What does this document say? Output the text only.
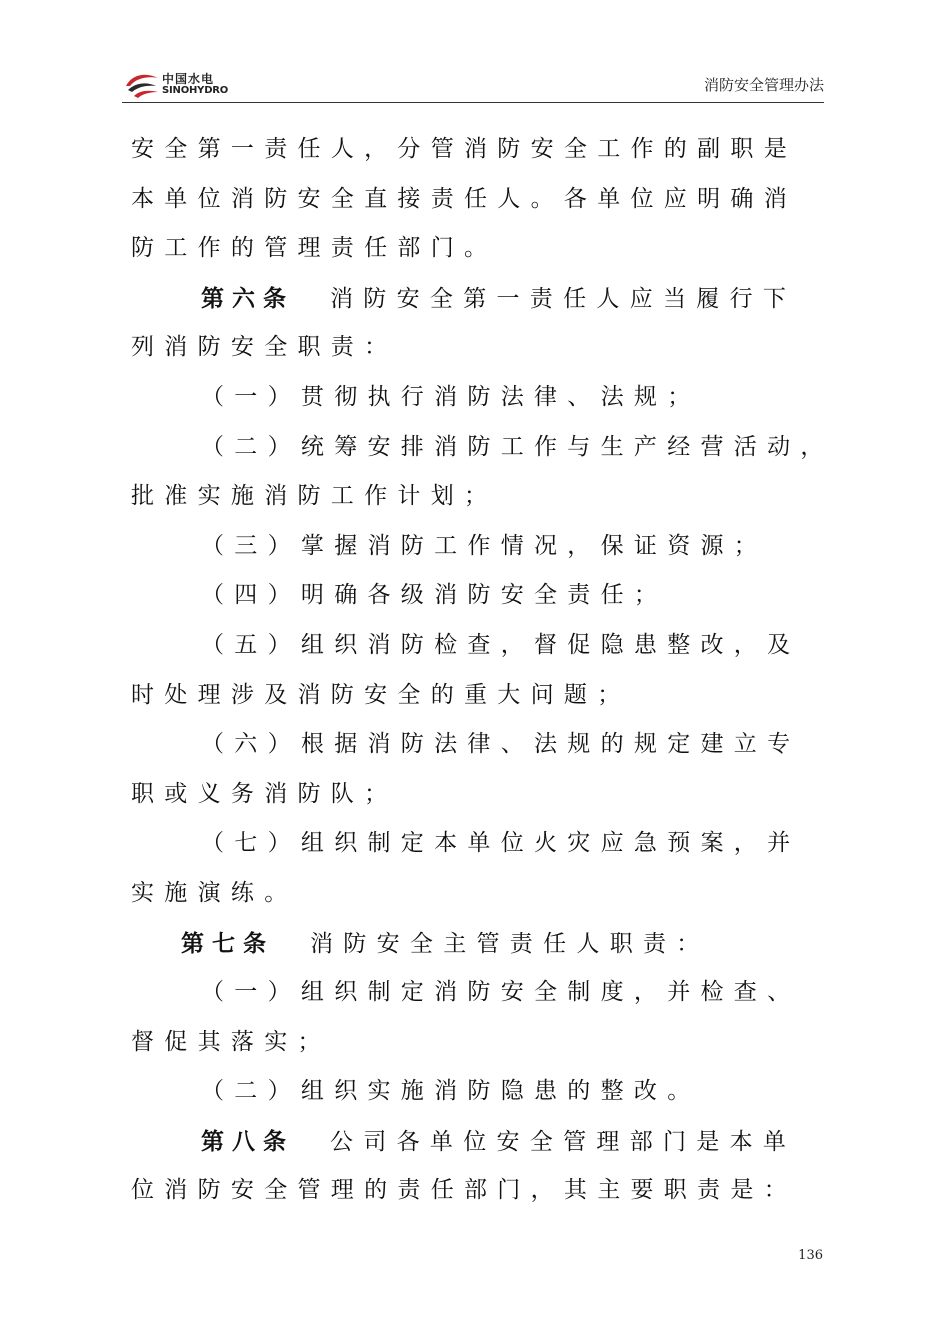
中国水电
SINOHYDRO	消防安全管理办法
安全第一责任人，分管消防安全工作的副职是
本单位消防安全直接责任人。各单位应明确消
防工作的管理责任部门。
第六条 消防安全第一责任人应当履行下
列消防安全职责：
（一）贯彻执行消防法律、法规；
（二）统筹安排消防工作与生产经营活动，
批准实施消防工作计划；
（三）掌握消防工作情况，保证资源；
（四）明确各级消防安全责任；
（五）组织消防检查，督促隐患整改，及
时处理涉及消防安全的重大问题；
（六）根据消防法律、法规的规定建立专
职或义务消防队；
（七）组织制定本单位火灾应急预案，并
实施演练。
第七条 消防安全主管责任人职责：
（一）组织制定消防安全制度，并检查、
督促其落实；
（二）组织实施消防隐患的整改。
第八条 公司各单位安全管理部门是本单
位消防安全管理的责任部门，其主要职责是：
136
